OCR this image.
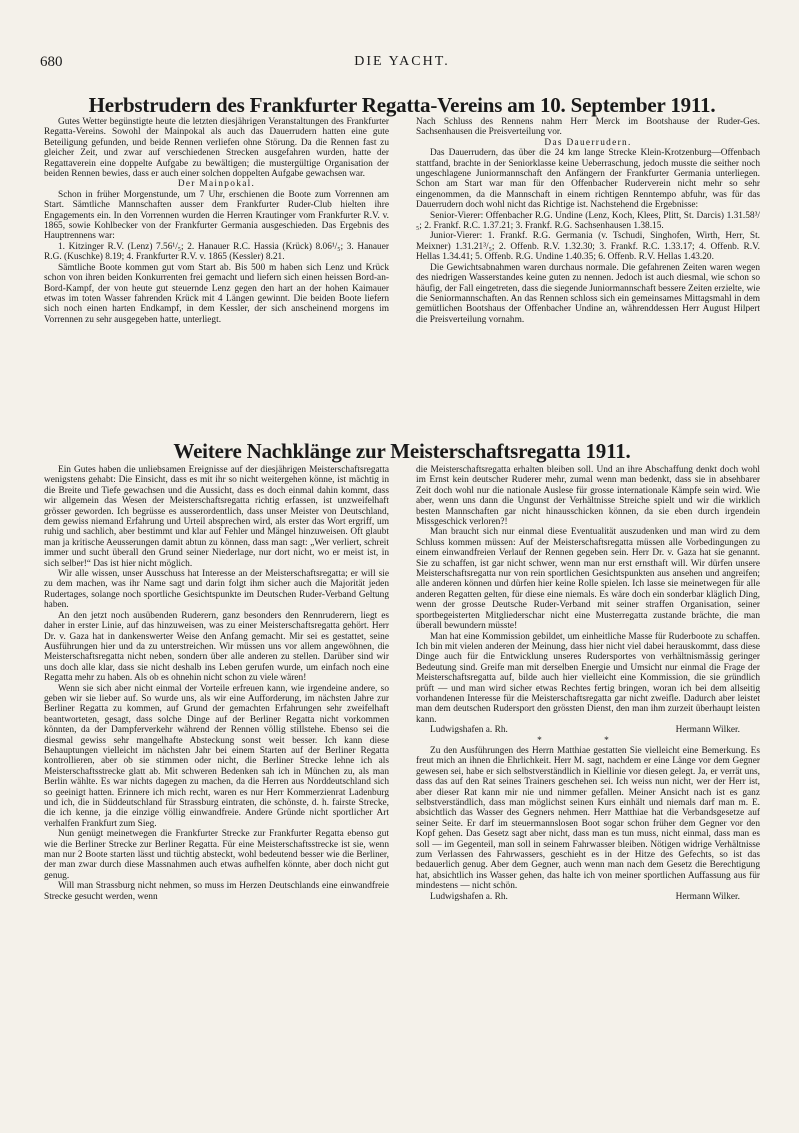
680	DIE YACHT.
Herbstrudern des Frankfurter Regatta-Vereins am 10. September 1911.

Gutes Wetter begünstigte heute die letzten diesjährigen Veranstaltungen des Frankfurter Regatta-Vereins. Sowohl der Mainpokal als auch das Dauerrudern hatten eine gute Beteiligung gefunden, und beide Rennen verliefen ohne Störung. Da die Rennen fast zu gleicher Zeit, und zwar auf verschiedenen Strecken ausgefahren wurden, hatte der Regattaverein eine doppelte Aufgabe zu bewältigen; die mustergültige Organisation der beiden Rennen bewies, dass er auch einer solchen doppelten Aufgabe gewachsen war.

Der Mainpokal.

Schon in früher Morgenstunde, um 7 Uhr, erschienen die Boote zum Vorrennen am Start. Sämtliche Mannschaften ausser dem Frankfurter Ruder-Club hielten ihre Engagements ein. In den Vorrennen wurden die Herren Krautinger vom Frankfurter R.V. v. 1865, sowie Kohlbecker von der Frankfurter Germania ausgeschieden. Das Ergebnis des Hauptrennens war:

1. Kitzinger R.V. (Lenz) 7.56¹/₅; 2. Hanauer R.C. Hassia (Krück) 8.06¹/₅; 3. Hanauer R.G. (Kuschke) 8.19; 4. Frankfurter R.V. v. 1865 (Kessler) 8.21.

Sämtliche Boote kommen gut vom Start ab. Bis 500 m haben sich Lenz und Krück schon von ihren beiden Konkurrenten frei gemacht und liefern sich einen heissen Bord-an-Bord-Kampf, der von heute gut steuernde Lenz gegen den hart an der hohen Kaimauer etwas im toten Wasser fahrenden Krück mit 4 Längen gewinnt. Die beiden Boote liefern sich noch einen harten Endkampf, in dem Kessler, der sich anscheinend morgens im Vorrennen zu sehr ausgegeben hatte, unterliegt.

Nach Schluss des Rennens nahm Herr Merck im Bootshause der Ruder-Ges. Sachsenhausen die Preisverteilung vor.

Das Dauerrudern.

Das Dauerrudern, das über die 24 km lange Strecke Klein-Krotzenburg—Offenbach stattfand, brachte in der Seniorklasse keine Ueberraschung, jedoch musste die seither noch ungeschlagene Juniormannschaft den Anfängern der Frankfurter Germania unterliegen. Schon am Start war man für den Offenbacher Ruderverein nicht mehr so sehr eingenommen, da die Mannschaft in einem richtigen Renntempo abfuhr, was für das Dauerrudern doch wohl nicht das Richtige ist. Nachstehend die Ergebnisse:

Senior-Vierer: Offenbacher R.G. Undine (Lenz, Koch, Klees, Plitt, St. Darcis) 1.31.58³/₅; 2. Frankf. R.C. 1.37.21; 3. Frankf. R.G. Sachsenhausen 1.38.15.

Junior-Vierer: 1. Frankf. R.G. Germania (v. Tschudi, Singhofen, Wirth, Herr, St. Meixner) 1.31.21³/₅; 2. Offenb. R.V. 1.32.30; 3. Frankf. R.C. 1.33.17; 4. Offenb. R.V. Hellas 1.34.41; 5. Offenb. R.G. Undine 1.40.35; 6. Offenb. R.V. Hellas 1.43.20.

Die Gewichtsabnahmen waren durchaus normale. Die gefahrenen Zeiten waren wegen des niedrigen Wasserstandes keine guten zu nennen. Jedoch ist auch diesmal, wie schon so häufig, der Fall eingetreten, dass die siegende Juniormannschaft bessere Zeiten erzielte, wie die Seniormannschaften. An das Rennen schloss sich ein gemeinsames Mittagsmahl in dem gemütlichen Bootshaus der Offenbacher Undine an, währenddessen Herr August Hilpert die Preisverteilung vornahm.

Weitere Nachklänge zur Meisterschaftsregatta 1911.

Ein Gutes haben die unliebsamen Ereignisse auf der diesjährigen Meisterschaftsregatta wenigstens gehabt: Die Einsicht, dass es mit ihr so nicht weitergehen könne, ist mächtig in die Breite und Tiefe gewachsen und die Aussicht, dass es doch einmal dahin kommt, dass wir allgemein das Wesen der Meisterschaftsregatta richtig erfassen, ist unzweifelhaft grösser geworden. Ich begrüsse es ausserordentlich, dass unser Meister von Deutschland, dem gewiss niemand Erfahrung und Urteil absprechen wird, als erster das Wort ergriff, um ruhig und sachlich, aber bestimmt und klar auf Fehler und Mängel hinzuweisen. Oft glaubt man ja kritische Aeusserungen damit abtun zu können, dass man sagt: „Wer verliert, schreit immer und sucht überall den Grund seiner Niederlage, nur dort nicht, wo er meist ist, in sich selber!“ Das ist hier nicht möglich.

Wir alle wissen, unser Ausschuss hat Interesse an der Meisterschaftsregatta; er will sie zu dem machen, was ihr Name sagt und darin folgt ihm sicher auch die Majorität jeden Rudertages, solange noch sportliche Gesichtspunkte im Deutschen Ruder-Verband Geltung haben.

An den jetzt noch ausübenden Ruderern, ganz besonders den Rennruderern, liegt es daher in erster Linie, auf das hinzuweisen, was zu einer Meisterschaftsregatta gehört. Herr Dr. v. Gaza hat in dankenswerter Weise den Anfang gemacht. Mir sei es gestattet, seine Ausführungen hier und da zu unterstreichen. Wir müssen uns vor allem angewöhnen, die Meisterschaftsregatta nicht neben, sondern über alle anderen zu stellen. Darüber sind wir uns doch alle klar, dass sie nicht deshalb ins Leben gerufen wurde, um einfach noch eine Regatta mehr zu haben. Als ob es ohnehin nicht schon zu viele wären!

Wenn sie sich aber nicht einmal der Vorteile erfreuen kann, wie irgendeine andere, so geben wir sie lieber auf. So wurde uns, als wir eine Aufforderung, im nächsten Jahre zur Berliner Regatta zu kommen, auf Grund der gemachten Erfahrungen sehr zweifelhaft beantworteten, gesagt, dass solche Dinge auf der Berliner Regatta nicht vorkommen könnten, da der Dampferverkehr während der Rennen völlig stillstehe. Ebenso sei die diesmal gewiss sehr mangelhafte Absteckung sonst weit besser. Ich kann diese Behauptungen vielleicht im nächsten Jahr bei einem Starten auf der Berliner Regatta kontrollieren, aber ob sie stimmen oder nicht, die Berliner Strecke lehne ich als Meisterschaftsstrecke glatt ab. Mit schweren Bedenken sah ich in München zu, als man Berlin wählte. Es war nichts dagegen zu machen, da die Herren aus Norddeutschland sich so geeinigt hatten. Erinnere ich mich recht, waren es nur Herr Kommerzienrat Ladenburg und ich, die in Süddeutschland für Strassburg eintraten, die schönste, d. h. fairste Strecke, die ich kenne, ja die einzige völlig einwandfreie. Andere Gründe nicht sportlicher Art verhalfen Frankfurt zum Sieg.

Nun genügt meinetwegen die Frankfurter Strecke zur Frankfurter Regatta ebenso gut wie die Berliner Strecke zur Berliner Regatta. Für eine Meisterschaftsstrecke ist sie, wenn man nur 2 Boote starten lässt und tüchtig absteckt, wohl bedeutend besser wie die Berliner, der man zwar durch diese Massnahmen auch etwas aufhelfen könnte, aber doch nicht gut genug.

Will man Strassburg nicht nehmen, so muss im Herzen Deutschlands eine einwandfreie Strecke gesucht werden, wenn

die Meisterschaftsregatta erhalten bleiben soll. Und an ihre Abschaffung denkt doch wohl im Ernst kein deutscher Ruderer mehr, zumal wenn man bedenkt, dass sie in absehbarer Zeit doch wohl nur die nationale Auslese für grosse internationale Kämpfe sein wird. Wie aber, wenn uns dann die Ungunst der Verhältnisse Streiche spielt und wir die wirklich besten Mannschaften gar nicht hinausschicken können, da sie eben durch irgendein Missgeschick verloren?!

Man braucht sich nur einmal diese Eventualität auszudenken und man wird zu dem Schluss kommen müssen: Auf der Meisterschaftsregatta müssen alle Vorbedingungen zu einem einwandfreien Verlauf der Rennen gegeben sein. Herr Dr. v. Gaza hat sie genannt. Sie zu schaffen, ist gar nicht schwer, wenn man nur erst ernsthaft will. Wir dürfen unsere Meisterschaftsregatta nur von rein sportlichen Gesichtspunkten aus ansehen und angreifen; alle anderen können und dürfen hier keine Rolle spielen. Ich lasse sie meinetwegen für alle anderen Regatten gelten, für diese eine niemals. Es wäre doch ein sonderbar kläglich Ding, wenn der grosse Deutsche Ruder-Verband mit seiner straffen Organisation, seiner sportbegeisterten Mitgliederschar nicht eine Musterregatta zustande brächte, die man überall bewundern müsste!

Man hat eine Kommission gebildet, um einheitliche Masse für Ruderboote zu schaffen. Ich bin mit vielen anderen der Meinung, dass hier nicht viel dabei herauskommt, dass diese Dinge auch für die Entwicklung unseres Rudersportes von verhältnismässig geringer Bedeutung sind. Greife man mit derselben Energie und Umsicht nur einmal die Frage der Meisterschaftsregatta auf, bilde auch hier vielleicht eine Kommission, die sie gründlich prüft — und man wird sicher etwas Rechtes fertig bringen, woran ich bei dem allseitig vorhandenen Interesse für die Meisterschaftsregatta gar nicht zweifle. Dadurch aber leistet man dem deutschen Rudersport den grössten Dienst, den man ihm zurzeit überhaupt leisten kann.

Ludwigshafen a. Rh.	Hermann Wilker.

* *

Zu den Ausführungen des Herrn Matthiae gestatten Sie vielleicht eine Bemerkung. Es freut mich an ihnen die Ehrlichkeit. Herr M. sagt, nachdem er eine Länge vor dem Gegner gewesen sei, habe er sich selbstverständlich in Kiellinie vor diesen gelegt. Ja, er verrät uns, dass das auf den Rat seines Trainers geschehen sei. Ich weiss nun nicht, wer der Herr ist, aber dieser Rat kann mir nie und nimmer gefallen. Meiner Ansicht nach ist es ganz selbstverständlich, dass man möglichst seinen Kurs einhält und niemals darf man m. E. absichtlich das Wasser des Gegners nehmen. Herr Matthiae hat die Verbandsgesetze auf seiner Seite. Er darf im steuermannslosen Boot sogar schon früher dem Gegner vor den Kopf gehen. Das Gesetz sagt aber nicht, dass man es tun muss, nicht einmal, dass man es soll — im Gegenteil, man soll in seinem Fahrwasser bleiben. Nötigen widrige Verhältnisse zum Verlassen des Fahrwassers, geschieht es in der Hitze des Gefechts, so ist das bedauerlich genug. Aber dem Gegner, auch wenn man nach dem Gesetz die Berechtigung hat, absichtlich ins Wasser gehen, das halte ich von meiner sportlichen Auffassung aus für mindestens — nicht schön.

Ludwigshafen a. Rh.	Hermann Wilker.
